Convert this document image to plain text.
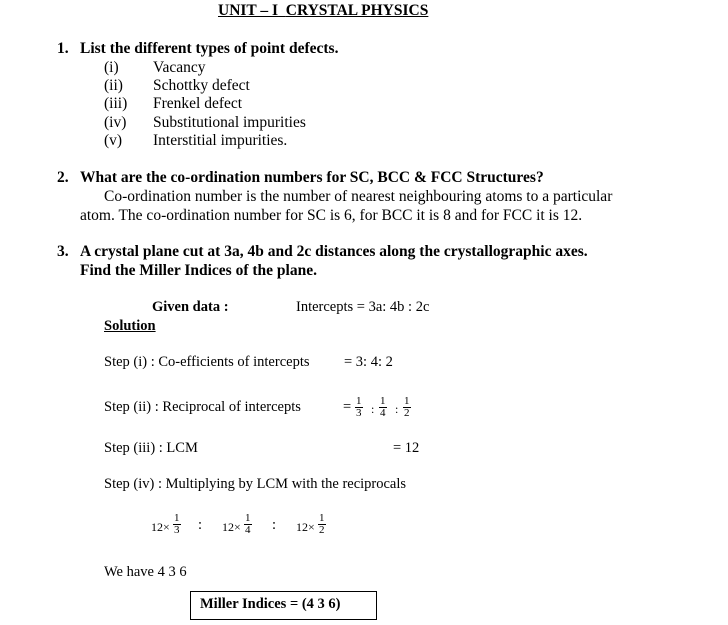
UNIT – I CRYSTAL PHYSICS
1. List the different types of point defects.
(i) Vacancy
(ii) Schottky defect
(iii) Frenkel defect
(iv) Substitutional impurities
(v) Interstitial impurities.
2. What are the co-ordination numbers for SC, BCC & FCC Structures?
Co-ordination number is the number of nearest neighbouring atoms to a particular
atom. The co-ordination number for SC is 6, for BCC it is 8 and for FCC it is 12.
3. A crystal plane cut at 3a, 4b and 2c distances along the crystallographic axes.
Find the Miller Indices of the plane.
Given data :	Intercepts = 3a: 4b : 2c
Solution
Step (i) : Co-efficients of intercepts = 3: 4: 2
Step (ii) : Reciprocal of intercepts	= $\frac{1}{3}$ : $\frac{1}{4}$ : $\frac{1}{2}$
Step (iii) : LCM	= 12
Step (iv) : Multiplying by LCM with the reciprocals
$12\times \frac{1}{3}$ : $12\times \frac{1}{4}$ : $12\times \frac{1}{2}$
We have 4 3 6
Miller Indices = (4 3 6)
